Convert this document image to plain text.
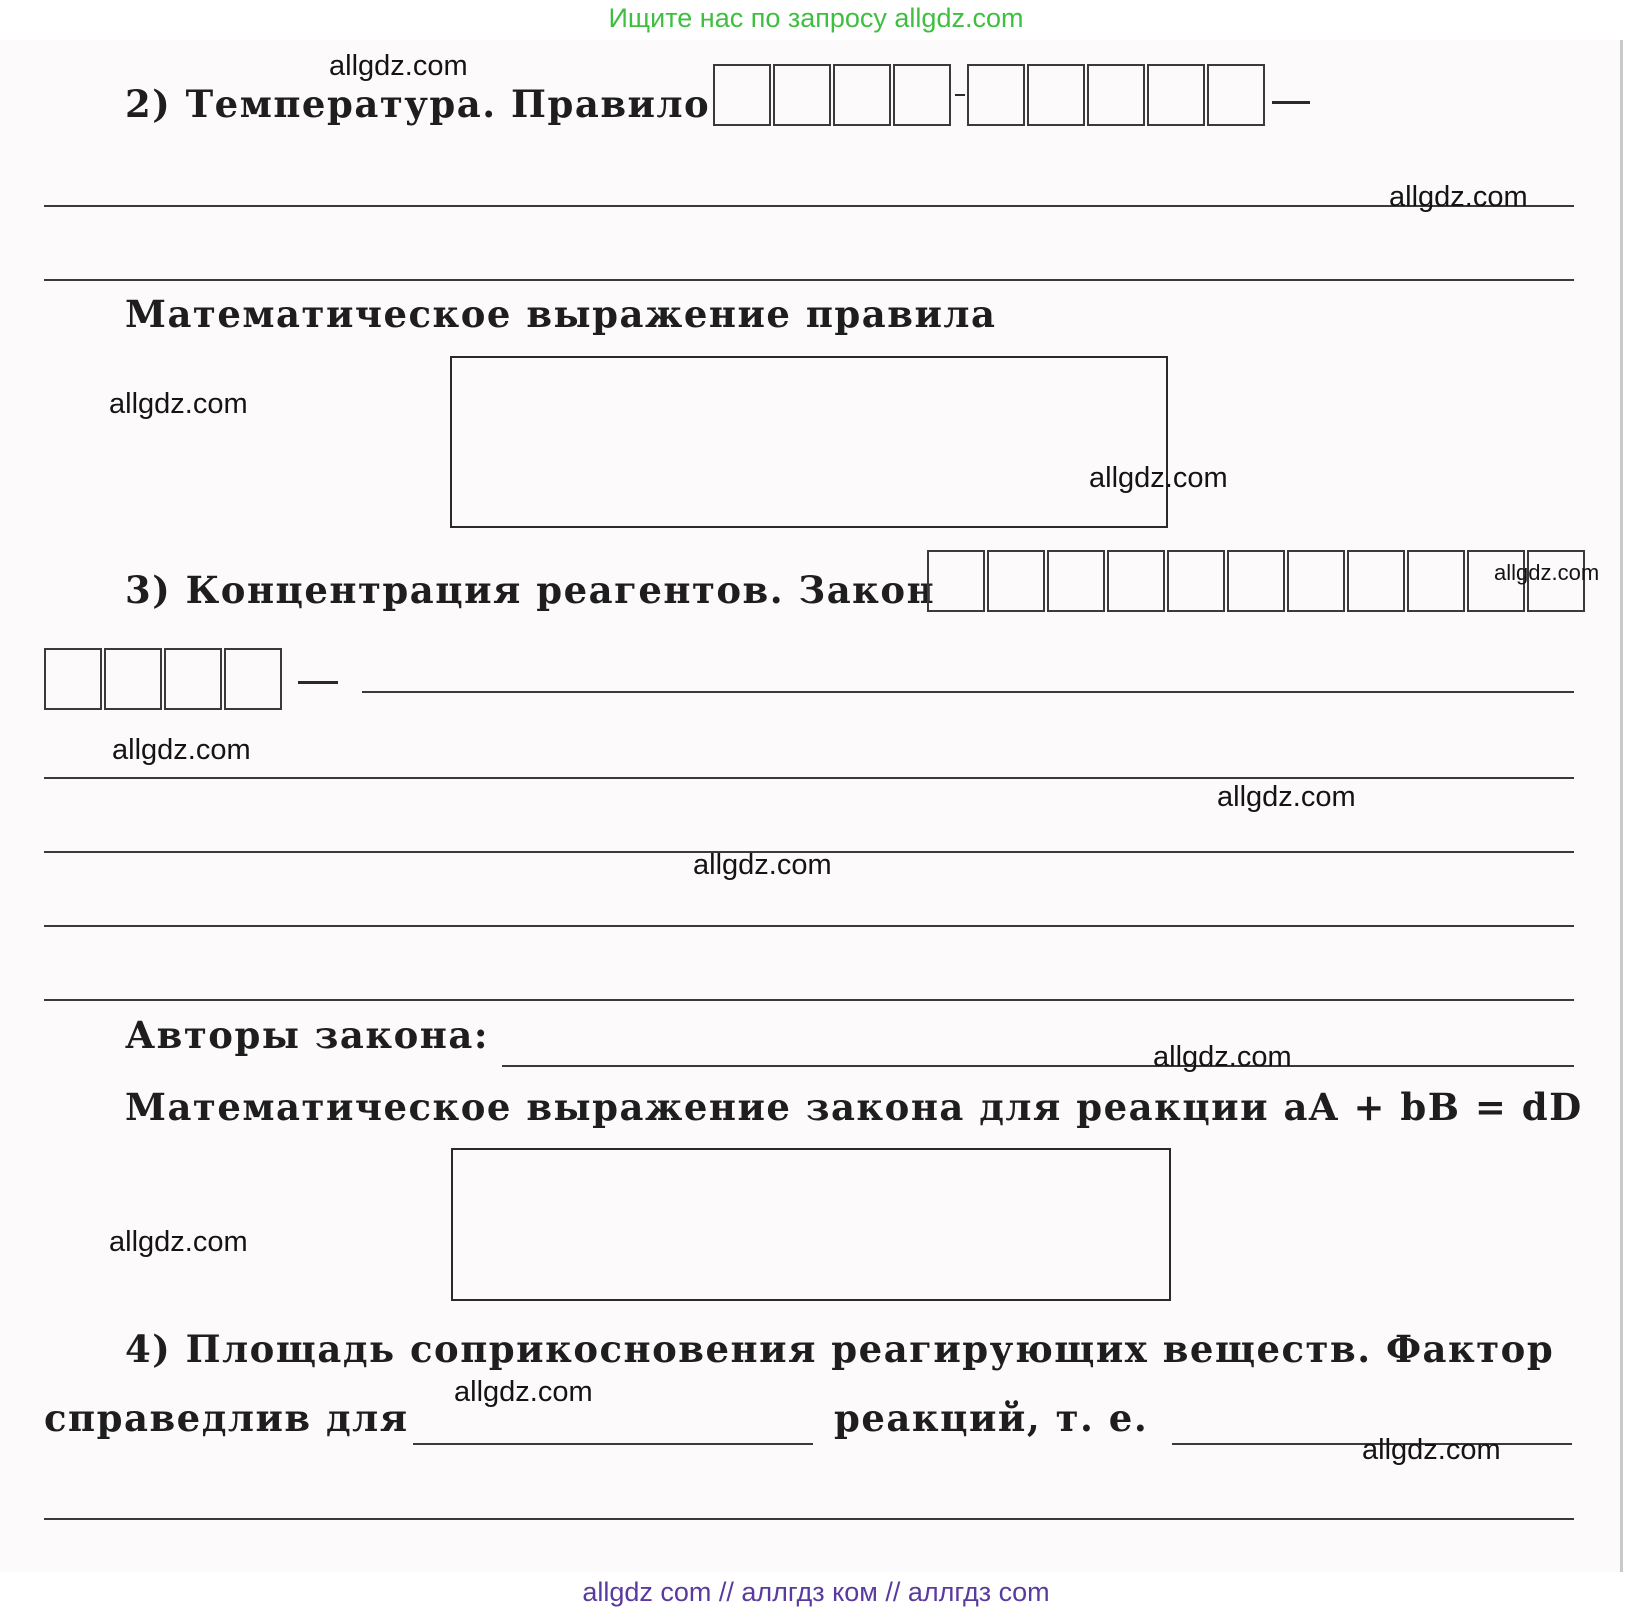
Ищите нас по запросу allgdz.com
2) Температура. Правило
Математическое выражение правила
3) Концентрация реагентов. Закон
Авторы закона:
Математическое выражение закона для реакции aA + bB = dD
4) Площадь соприкосновения реагирующих веществ. Фактор
справедлив для	реакций, т. е.
allgdz.com
allgdz.com
allgdz.com
allgdz.com
allgdz.com
allgdz.com
allgdz.com
allgdz.com
allgdz.com
allgdz.com
allgdz.com
allgdz.com
allgdz com // аллгдз ком // аллгдз com
